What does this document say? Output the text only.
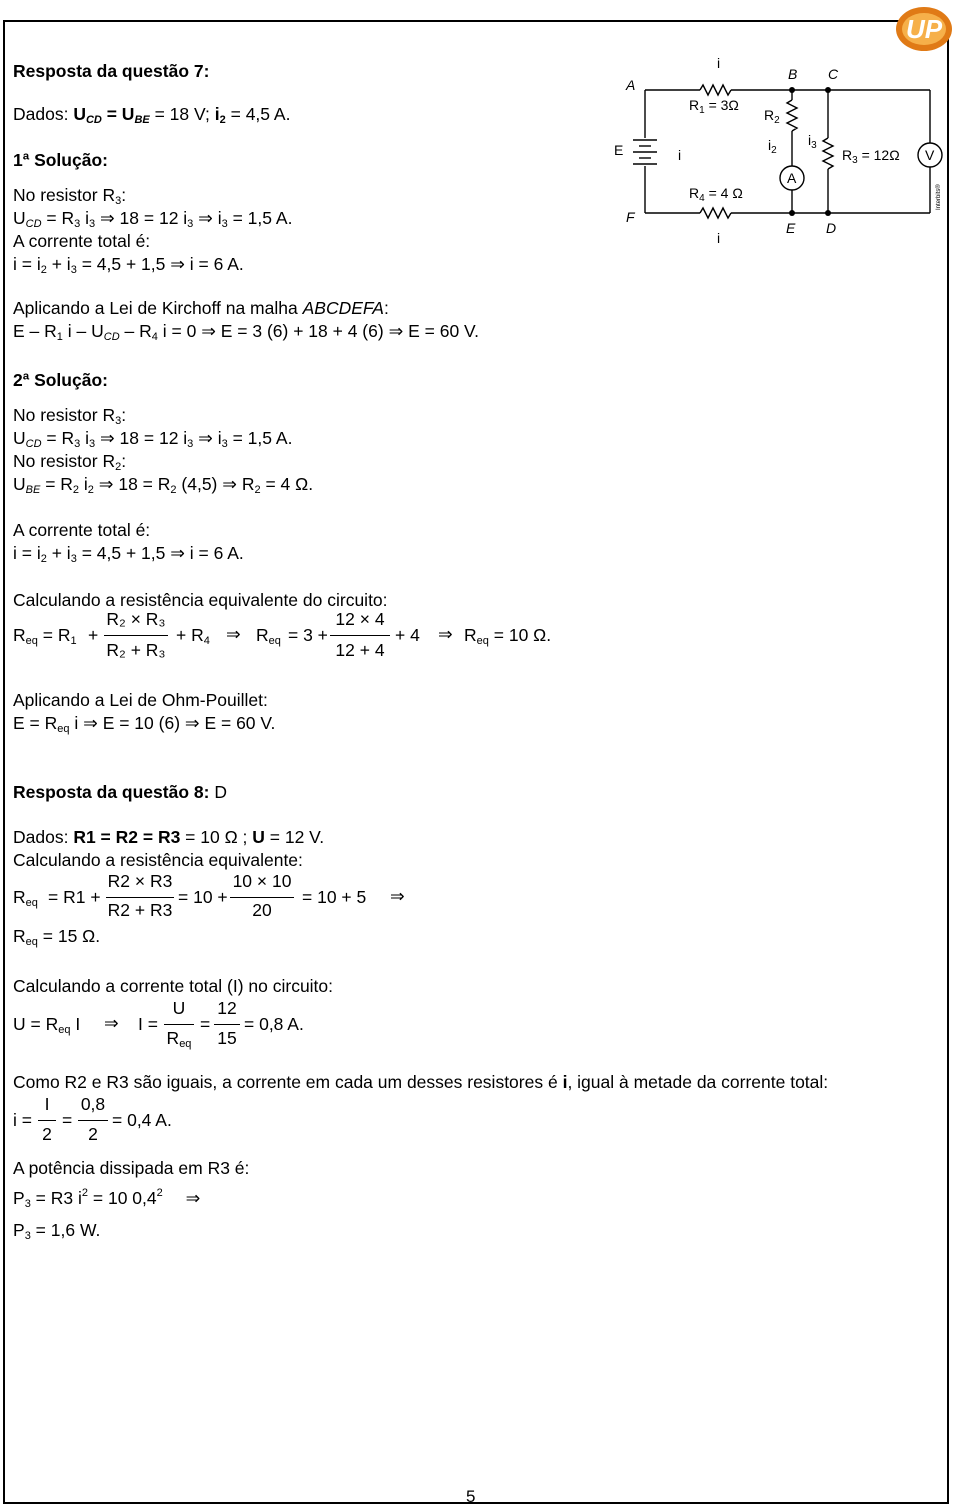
UP
Resposta da questão 7:
Dados: $U_{CD} = U_{BE} = 18$ V; $i_2 = 4,5$ A.
1ª Solução:
No resistor $R_3$:
$U_{CD} = R_3$ $i_3$ ⇒ 18 = 12 $i_3$ ⇒ $i_3 = 1,5$ A.
A corrente total é:
$i = i_2 + i_3 = 4,5 + 1,5$ ⇒ i = 6 A.
A
B C
D
E
F
E
i
i
i
$R_1 = 3\Omega$
$R_2$
$i_2$
$i_3$
$R_3 = 12\Omega$
$R_4 = 4$ Ω
A
V
Interbits®
Aplicando a Lei de Kirchoff na malha ABCDEFA:
E – $R_1$ i – $U_{CD} - R_4$ i = 0 ⇒ E = 3 (6) + 18 + 4 (6) ⇒ E = 60 V.
2ª Solução:
No resistor $R_3$:
$U_{CD} = R_3$ $i_3$ ⇒ 18 = 12 $i_3$ ⇒ $i_3 = 1,5$ A.
No resistor $R_2$:
$U_{BE} = R_2$ $i_2$ ⇒ $18 = R_2$ (4,5) ⇒ $R_2 = 4$ Ω.
A corrente total é:
$i = i_2 + i_3 = 4,5 + 1,5$ ⇒ i = 6 A.
Calculando a resistência equivalente do circuito:
$R_{eq} = R_1$ +
R₂ × R₃
R₂ + R₃
+ $R_4$ ⇒ $R_{eq} = 3$ +
12 × 4
12 + 4
+ 4 ⇒ $R_{eq} = 10$ Ω.
Aplicando a Lei de Ohm-Pouillet:
$E = R_{eq}$ i ⇒ E = 10 (6) ⇒ E = 60 V.
Resposta da questão 8: D
Dados: R1 = R2 = R3 = 10 Ω ; U = 12 V.
Calculando a resistência equivalente:
$R_{eq} = R1$ +
R2 × R3
R2 + R3
= 10 +
10 × 10
20
= 10 + 5 ⇒
$R_{eq} = 15$ Ω.
Calculando a corrente total (I) no circuito:
$U = R_{eq}$ I ⇒ I =
U
$R_{eq}$
=
12
15
= 0,8 A.
Como R2 e R3 são iguais, a corrente em cada um desses resistores é i, igual à metade da corrente total:
i =
I
2
=
0,8
2
= 0,4 A.
A potência dissipada em R3 é:
$P_3 = R3$ $i^2 = 10$ $0,4^2$ ⇒
$P_3 = 1,6$ W.
5
